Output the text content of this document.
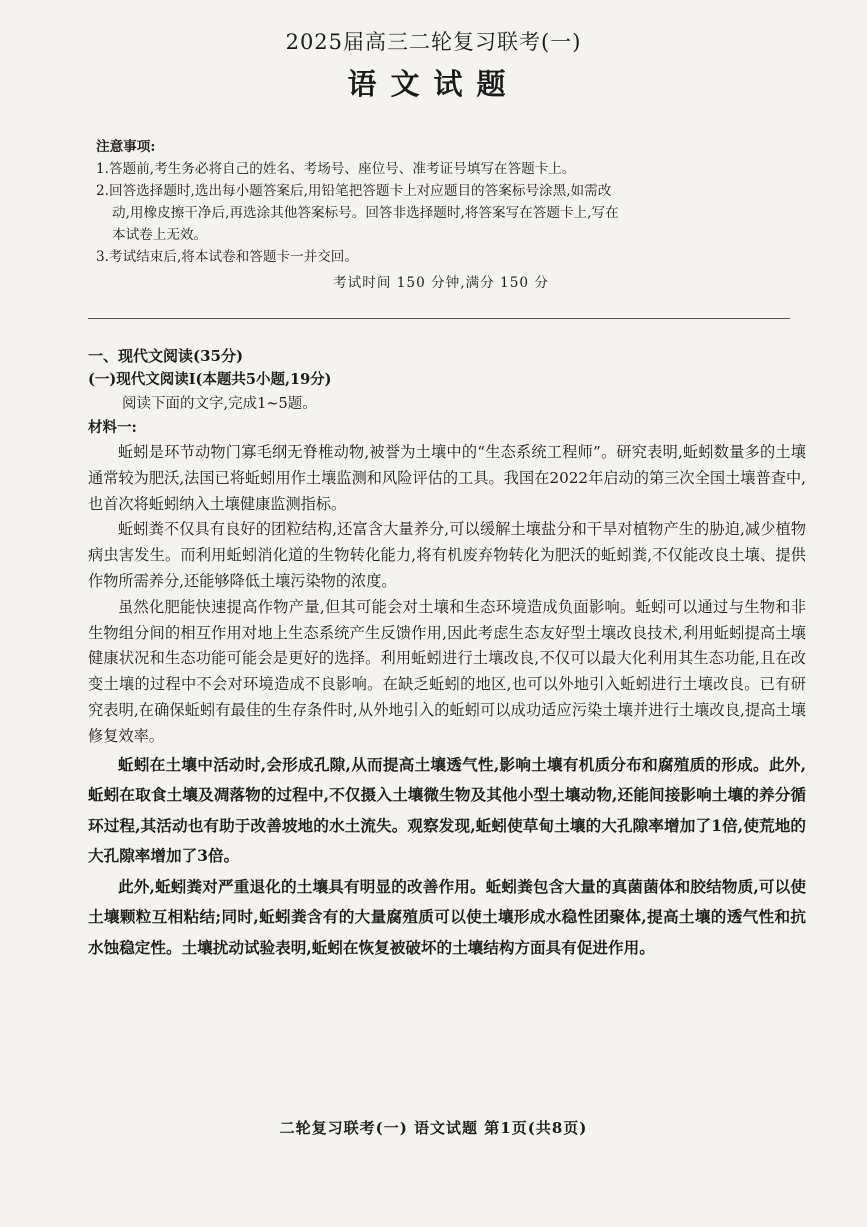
2025届高三二轮复习联考(一)
语文试题
注意事项:
1.答题前,考生务必将自己的姓名、考场号、座位号、准考证号填写在答题卡上。
2.回答选择题时,选出每小题答案后,用铅笔把答题卡上对应题目的答案标号涂黑,如需改
动,用橡皮擦干净后,再选涂其他答案标号。回答非选择题时,将答案写在答题卡上,写在
本试卷上无效。
3.考试结束后,将本试卷和答题卡一并交回。
考试时间 150 分钟,满分 150 分
一、现代文阅读(35分)
(一)现代文阅读Ⅰ(本题共5小题,19分)
阅读下面的文字,完成1~5题。
材料一:

蚯蚓是环节动物门寡毛纲无脊椎动物,被誉为土壤中的“生态系统工程师”。研究表明,蚯蚓数量多的土壤通常较为肥沃,法国已将蚯蚓用作土壤监测和风险评估的工具。我国在2022年启动的第三次全国土壤普查中,也首次将蚯蚓纳入土壤健康监测指标。

蚯蚓粪不仅具有良好的团粒结构,还富含大量养分,可以缓解土壤盐分和干旱对植物产生的胁迫,减少植物病虫害发生。而利用蚯蚓消化道的生物转化能力,将有机废弃物转化为肥沃的蚯蚓粪,不仅能改良土壤、提供作物所需养分,还能够降低土壤污染物的浓度。

虽然化肥能快速提高作物产量,但其可能会对土壤和生态环境造成负面影响。蚯蚓可以通过与生物和非生物组分间的相互作用对地上生态系统产生反馈作用,因此考虑生态友好型土壤改良技术,利用蚯蚓提高土壤健康状况和生态功能可能会是更好的选择。利用蚯蚓进行土壤改良,不仅可以最大化利用其生态功能,且在改变土壤的过程中不会对环境造成不良影响。在缺乏蚯蚓的地区,也可以外地引入蚯蚓进行土壤改良。已有研究表明,在确保蚯蚓有最佳的生存条件时,从外地引入的蚯蚓可以成功适应污染土壤并进行土壤改良,提高土壤修复效率。

蚯蚓在土壤中活动时,会形成孔隙,从而提高土壤透气性,影响土壤有机质分布和腐殖质的形成。此外,蚯蚓在取食土壤及凋落物的过程中,不仅摄入土壤微生物及其他小型土壤动物,还能间接影响土壤的养分循环过程,其活动也有助于改善坡地的水土流失。观察发现,蚯蚓使草甸土壤的大孔隙率增加了1倍,使荒地的大孔隙率增加了3倍。

此外,蚯蚓粪对严重退化的土壤具有明显的改善作用。蚯蚓粪包含大量的真菌菌体和胶结物质,可以使土壤颗粒互相粘结;同时,蚯蚓粪含有的大量腐殖质可以使土壤形成水稳性团聚体,提高土壤的透气性和抗水蚀稳定性。土壤扰动试验表明,蚯蚓在恢复被破坏的土壤结构方面具有促进作用。

二轮复习联考(一) 语文试题 第1页(共8页)
